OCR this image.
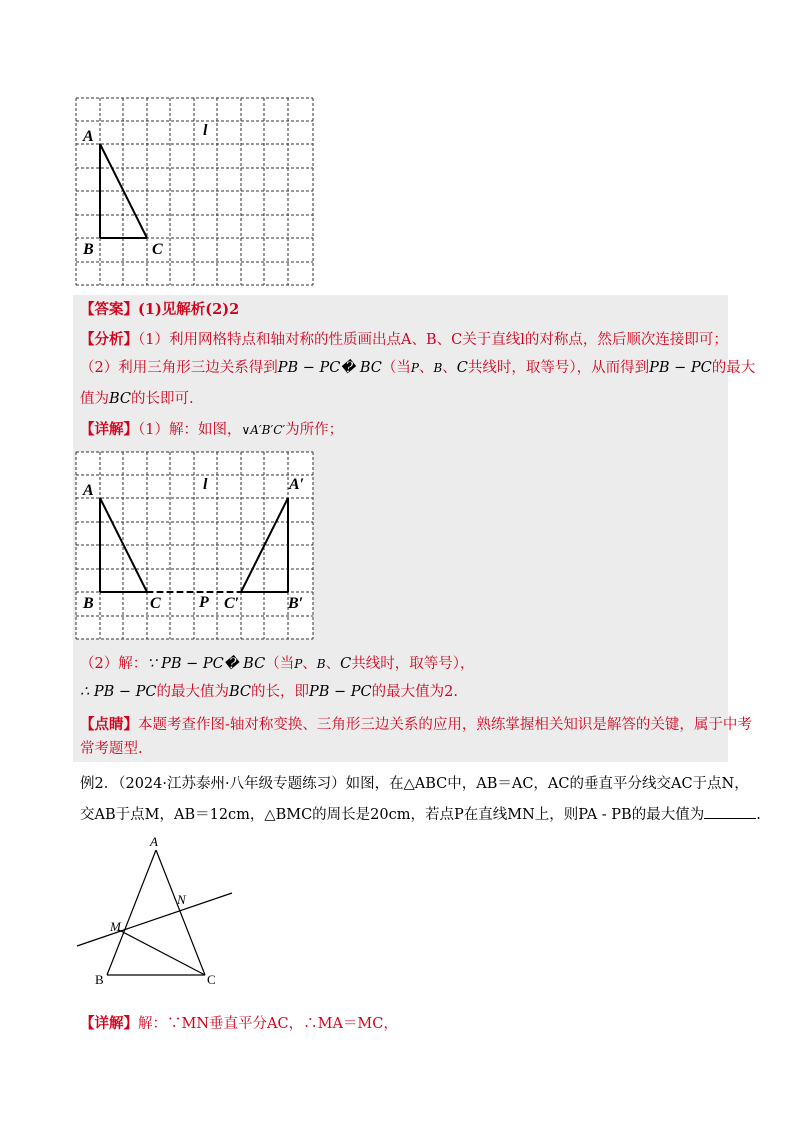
A
B	C
l
【答案】(1)见解析(2)2
【分析】（1）利用网格特点和轴对称的性质画出点A、B、C关于直线l的对称点，然后顺次连接即可；
（2）利用三角形三边关系得到PB − PC� BC（当P、B、C共线时，取等号），从而得到PB − PC的最大
值为BC的长即可.
【详解】（1）解：如图，∨A′B′C′为所作；
A
B	C
l	A′
B′
C′
P
（2）解：∵ PB − PC� BC（当P、B、C共线时，取等号），
∴ PB − PC的最大值为BC的长，即PB − PC的最大值为2.
【点睛】本题考查作图-轴对称变换、三角形三边关系的应用，熟练掌握相关知识是解答的关键，属于中考
常考题型.
例2．（2024·江苏泰州·八年级专题练习）如图，在△ABC中，AB＝AC，AC的垂直平分线交AC于点N，
交AB于点M，AB＝12cm，△BMC的周长是20cm，若点P在直线MN上，则PA - PB的最大值为	.
A
B	C
M
N
【详解】解：∵MN垂直平分AC，∴MA＝MC，
